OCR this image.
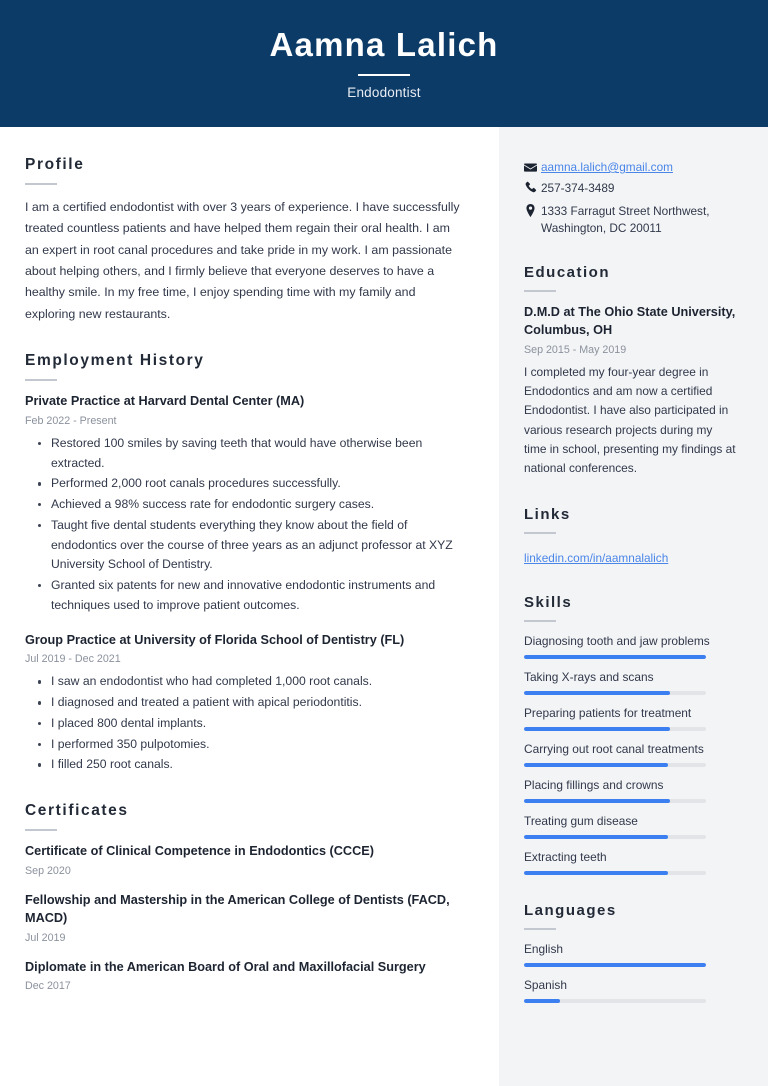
Aamna Lalich
Endodontist
Profile
I am a certified endodontist with over 3 years of experience. I have successfully treated countless patients and have helped them regain their oral health. I am an expert in root canal procedures and take pride in my work. I am passionate about helping others, and I firmly believe that everyone deserves to have a healthy smile. In my free time, I enjoy spending time with my family and exploring new restaurants.
Employment History
Private Practice at Harvard Dental Center (MA)
Feb 2022 - Present
Restored 100 smiles by saving teeth that would have otherwise been extracted.
Performed 2,000 root canals procedures successfully.
Achieved a 98% success rate for endodontic surgery cases.
Taught five dental students everything they know about the field of endodontics over the course of three years as an adjunct professor at XYZ University School of Dentistry.
Granted six patents for new and innovative endodontic instruments and techniques used to improve patient outcomes.
Group Practice at University of Florida School of Dentistry (FL)
Jul 2019 - Dec 2021
I saw an endodontist who had completed 1,000 root canals.
I diagnosed and treated a patient with apical periodontitis.
I placed 800 dental implants.
I performed 350 pulpotomies.
I filled 250 root canals.
Certificates
Certificate of Clinical Competence in Endodontics (CCCE)
Sep 2020
Fellowship and Mastership in the American College of Dentists (FACD, MACD)
Jul 2019
Diplomate in the American Board of Oral and Maxillofacial Surgery
Dec 2017
aamna.lalich@gmail.com
257-374-3489
1333 Farragut Street Northwest, Washington, DC 20011
Education
D.M.D at The Ohio State University, Columbus, OH
Sep 2015 - May 2019
I completed my four-year degree in Endodontics and am now a certified Endodontist. I have also participated in various research projects during my time in school, presenting my findings at national conferences.
Links
linkedin.com/in/aamnalalich
Skills
Diagnosing tooth and jaw problems
Taking X-rays and scans
Preparing patients for treatment
Carrying out root canal treatments
Placing fillings and crowns
Treating gum disease
Extracting teeth
Languages
English
Spanish
